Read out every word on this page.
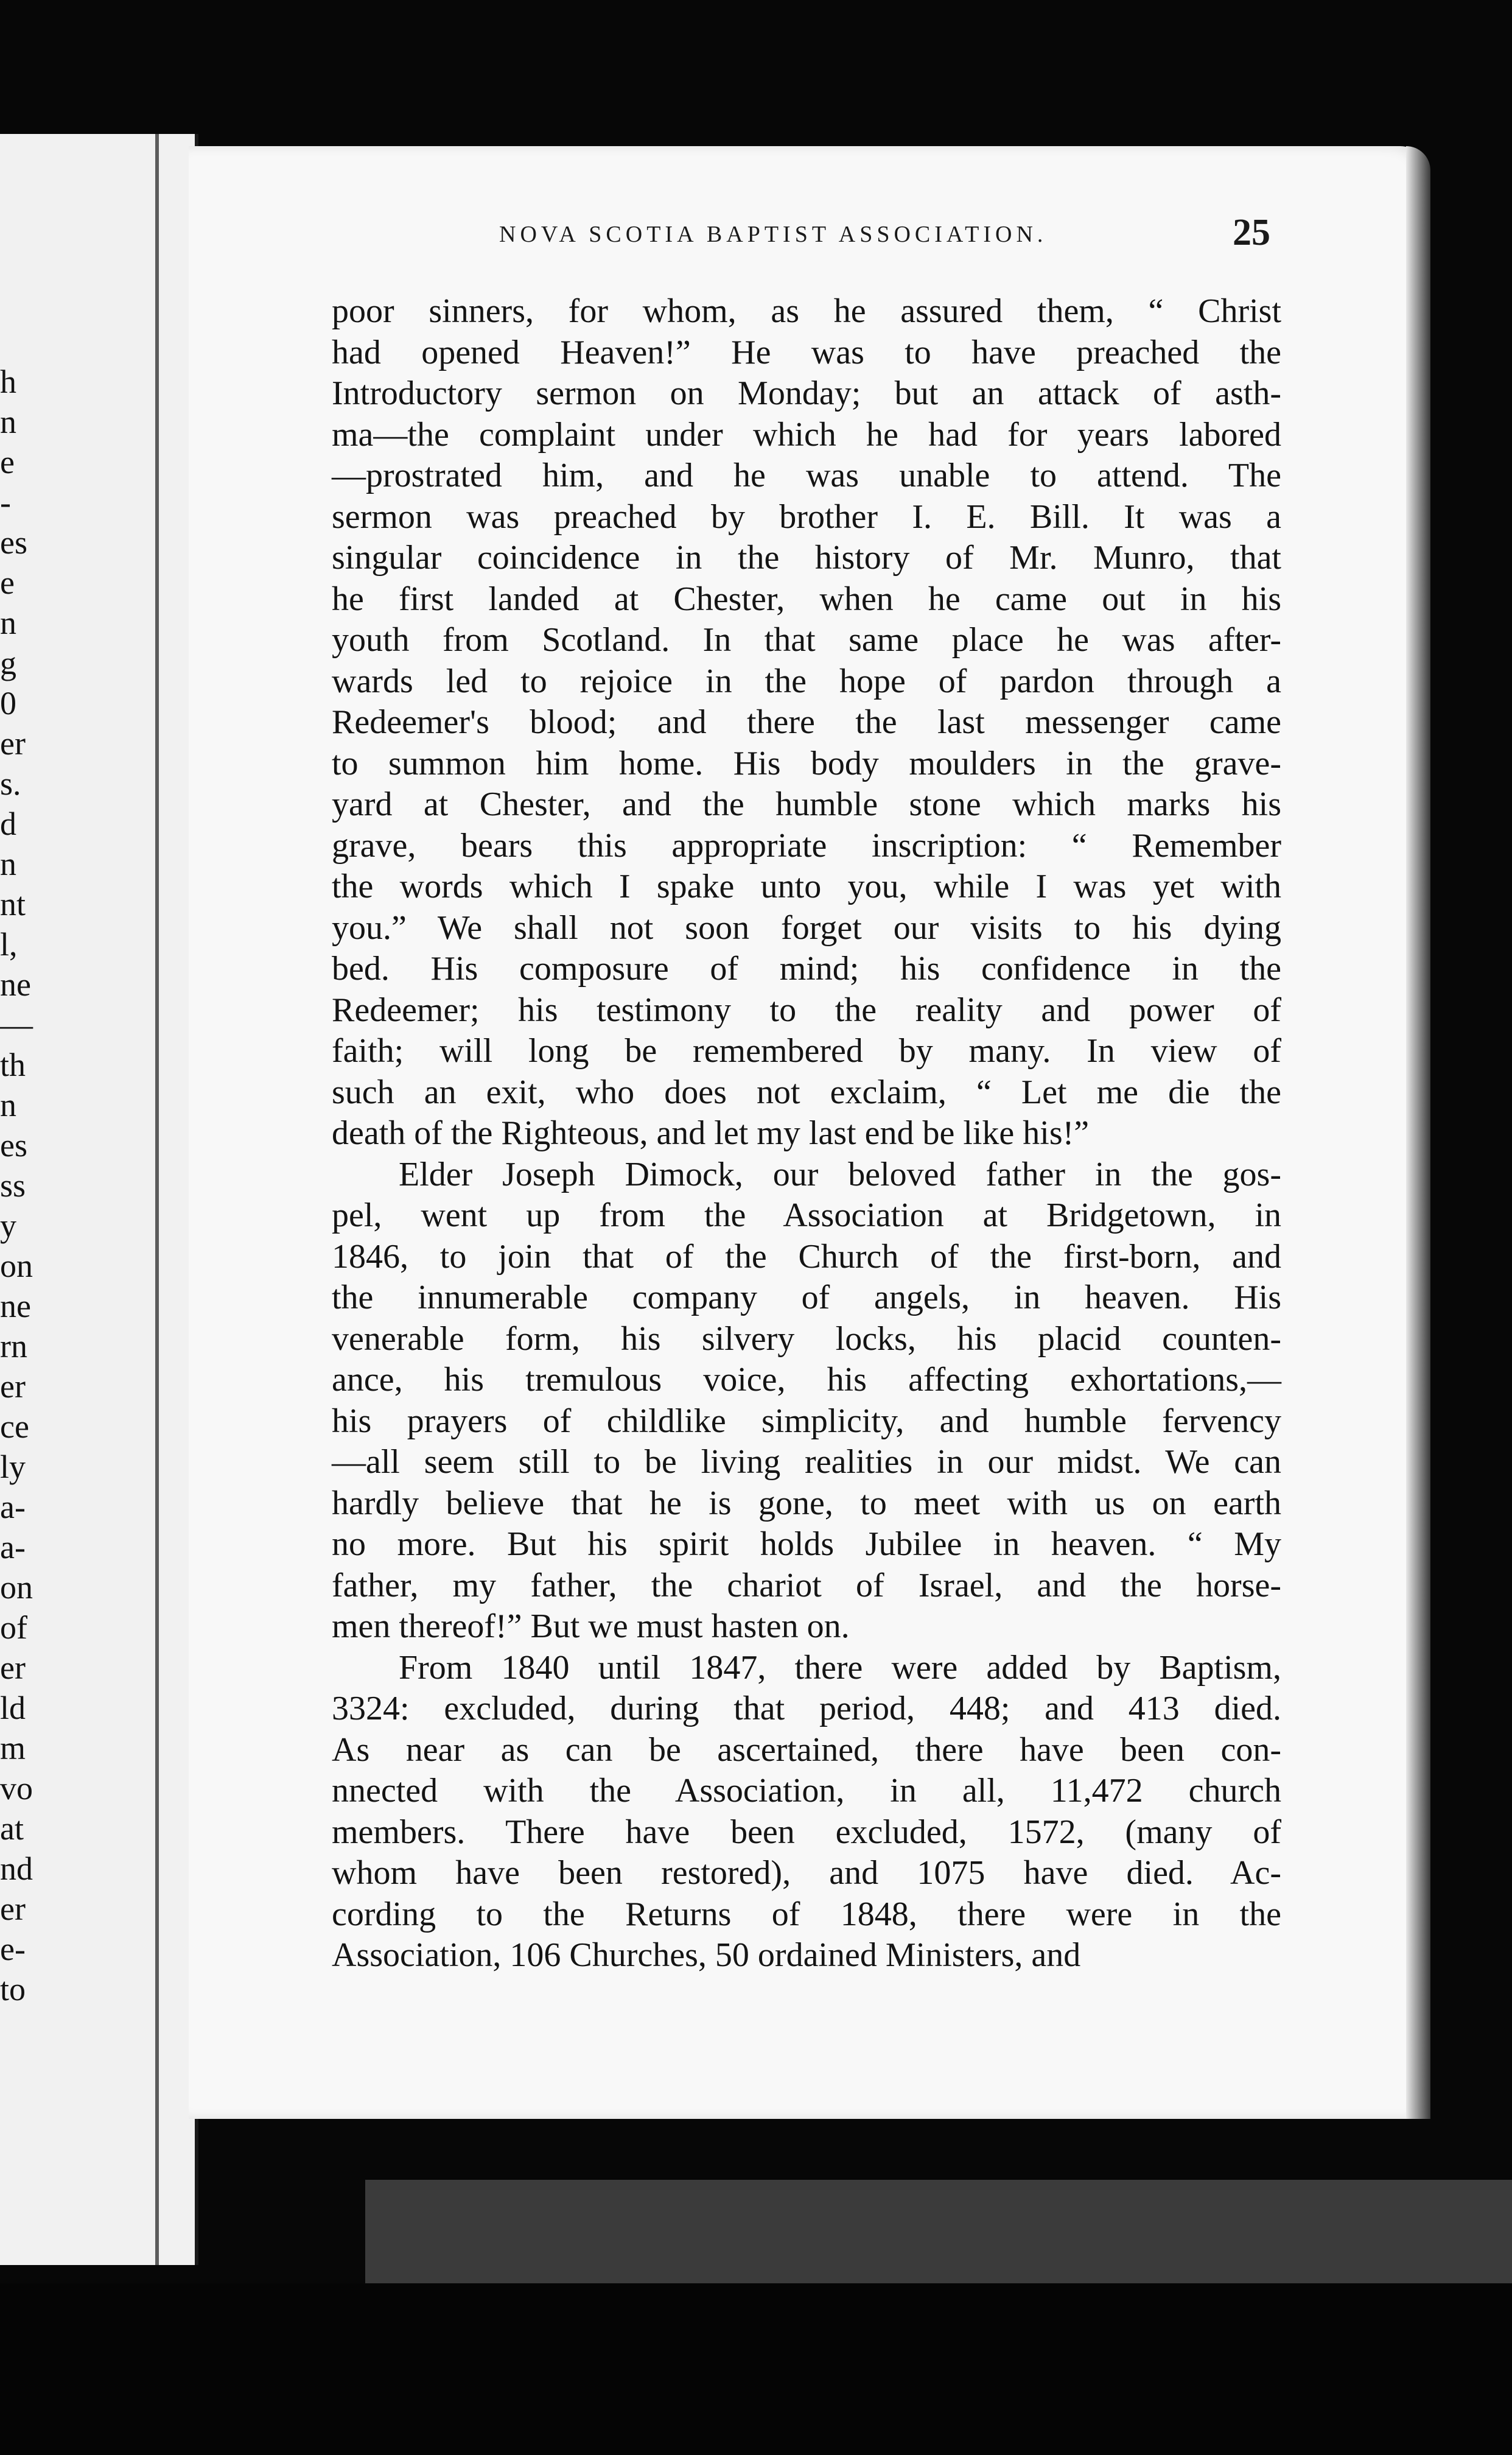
h
n
e
-
es
e
n
g
0
er
s.
d
n
nt
l,
ne
—
th
n
es
ss
y
on
ne
rn
er
ce
ly
a-
a-
on
of
er
ld
m
vo
at
nd
er
e-
to
NOVA SCOTIA BAPTIST ASSOCIATION.	25
poor sinners, for whom, as he assured them, “ Christ
had opened Heaven!” He was to have preached the
Introductory sermon on Monday; but an attack of asth-
ma—the complaint under which he had for years labored
—prostrated him, and he was unable to attend. The
sermon was preached by brother I. E. Bill. It was a
singular coincidence in the history of Mr. Munro, that
he first landed at Chester, when he came out in his
youth from Scotland. In that same place he was after-
wards led to rejoice in the hope of pardon through a
Redeemer's blood; and there the last messenger came
to summon him home. His body moulders in the grave-
yard at Chester, and the humble stone which marks his
grave, bears this appropriate inscription: “ Remember
the words which I spake unto you, while I was yet with
you.” We shall not soon forget our visits to his dying
bed. His composure of mind; his confidence in the
Redeemer; his testimony to the reality and power of
faith; will long be remembered by many. In view of
such an exit, who does not exclaim, “ Let me die the
death of the Righteous, and let my last end be like his!”
Elder Joseph Dimock, our beloved father in the gos-
pel, went up from the Association at Bridgetown, in
1846, to join that of the Church of the first-born, and
the innumerable company of angels, in heaven. His
venerable form, his silvery locks, his placid counten-
ance, his tremulous voice, his affecting exhortations,—
his prayers of childlike simplicity, and humble fervency
—all seem still to be living realities in our midst. We can
hardly believe that he is gone, to meet with us on earth
no more. But his spirit holds Jubilee in heaven. “ My
father, my father, the chariot of Israel, and the horse-
men thereof!” But we must hasten on.
From 1840 until 1847, there were added by Baptism,
3324: excluded, during that period, 448; and 413 died.
As near as can be ascertained, there have been con-
nnected with the Association, in all, 11,472 church
members. There have been excluded, 1572, (many of
whom have been restored), and 1075 have died. Ac-
cording to the Returns of 1848, there were in the
Association, 106 Churches, 50 ordained Ministers, and
